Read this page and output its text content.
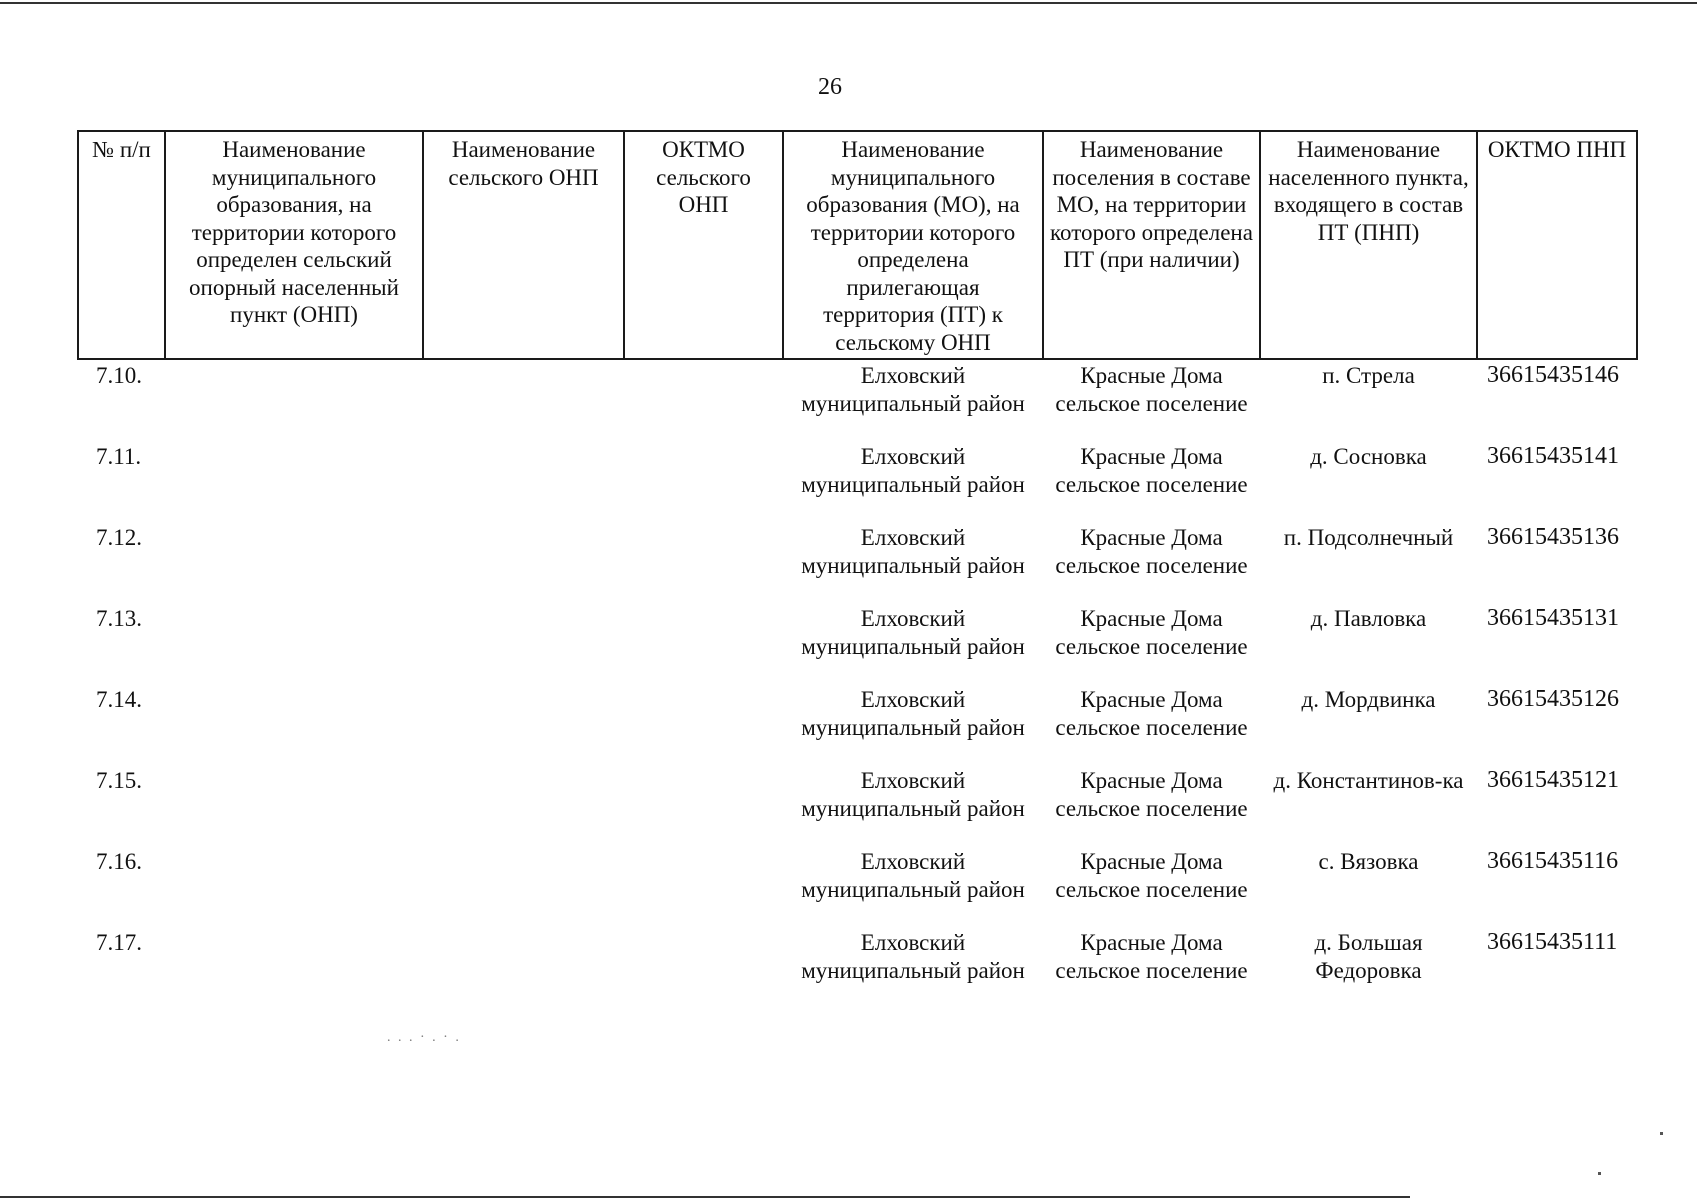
26
№ п/п	Наименование муниципального образования, на территории которого определен сельский опорный населенный пункт (ОНП)	Наименование сельского ОНП	ОКТМО сельского ОНП	Наименование муниципального образования (МО), на территории которого определена прилегающая территория (ПТ) к сельскому ОНП	Наименование поселения в составе МО, на территории которого определена ПТ (при наличии)	Наименование населенного пункта, входящего в состав ПТ (ПНП)	ОКТМО ПНП
7.10.				Елховский муниципальный район	Красные Дома сельское поселение	п. Стрела	36615435146
7.11.				Елховский муниципальный район	Красные Дома сельское поселение	д. Сосновка	36615435141
7.12.				Елховский муниципальный район	Красные Дома сельское поселение	п. Подсолнечный	36615435136
7.13.				Елховский муниципальный район	Красные Дома сельское поселение	д. Павловка	36615435131
7.14.				Елховский муниципальный район	Красные Дома сельское поселение	д. Мордвинка	36615435126
7.15.				Елховский муниципальный район	Красные Дома сельское поселение	д. Константинов-ка	36615435121
7.16.				Елховский муниципальный район	Красные Дома сельское поселение	с. Вязовка	36615435116
7.17.				Елховский муниципальный район	Красные Дома сельское поселение	д. Большая Федоровка	36615435111
. . . · . · .
